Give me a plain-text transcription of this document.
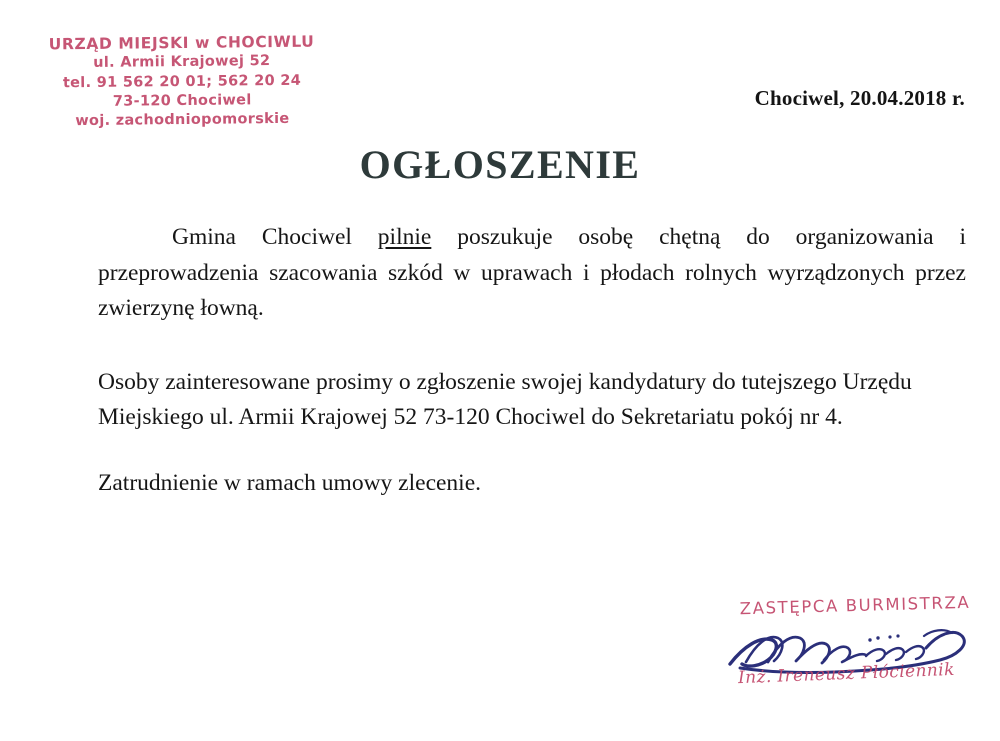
URZĄD MIEJSKI w CHOCIWLU
ul. Armii Krajowej 52
tel. 91 562 20 01; 562 20 24
73-120 Chociwel
woj. zachodniopomorskie
Chociwel, 20.04.2018 r.
OGŁOSZENIE

Gmina Chociwel pilnie poszukuje osobę chętną do organizowania i przeprowadzenia szacowania szkód w uprawach i płodach rolnych wyrządzonych przez zwierzynę łowną.

Osoby zainteresowane prosimy o zgłoszenie swojej kandydatury do tutejszego Urzędu Miejskiego ul. Armii Krajowej 52 73-120 Chociwel do Sekretariatu pokój nr 4.

Zatrudnienie w ramach umowy zlecenie.

ZASTĘPCA BURMISTRZA
Inż. Ireneusz Płóciennik
